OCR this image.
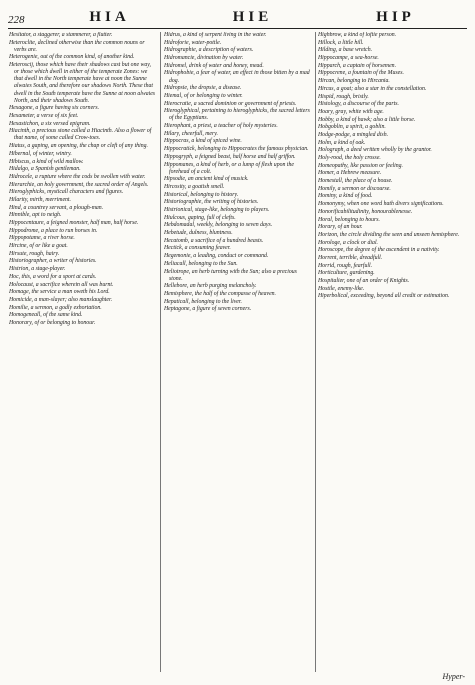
228	HIA	HIE	HIP

Hesitator, a staggerer, a stammerer, a flutter.

Heteroclite, declined otherwise than the common nouns or verbs are.

Heterogenie, out of the common kind, of another kind.

Heteroscij, those which have their shadows cast but one way, or those which dwell in either of the temperate Zones: we that dwell in the North temperate have at noon the Sunne alwaies South, and therefore our shadows North. These that dwell in the South temperate have the Sunne at noon alwaies North, and their shadows South.

Hexagone, a figure having six corners.

Hexameter, a verse of six feet.

Hexastichon, a six versed epigram.

Hiacinth, a precious stone called a Hiacinth. Also a flower of that name, of some called Crow-toes.

Hiatus, a gaping, an opening, the chap or cleft of any thing.

Hibernal, of winter, wintry.

Hibiscus, a kind of wild mallow.

Hidalgo, a Spanish gentleman.

Hidrocele, a rupture where the cods be swollen with water.

Hierarchie, an holy government, the sacred order of Angels.

Hieroglyphicks, mysticall characters and figures.

Hilarity, mirth, merriment.

Hind, a countrey servant, a plough-man.

Hinnible, apt to neigh.

Hippocentaure, a feigned monster, half man, half horse.

Hippodrome, a place to run horses in.

Hippopotame, a river horse.

Hircine, of or like a goat.

Hirsute, rough, hairy.

Historiographer, a writer of histories.

Histrion, a stage-player.

Hoc, this, a word for a sport at cards.

Holocaust, a sacrifice wherein all was burnt.

Homage, the service a man oweth his Lord.

Homicide, a man-slayer; also manslaughter.

Homilie, a sermon, a godly exhortation.

Homogeneall, of the same kind.

Honorary, of or belonging to honour.

Hidrus, a kind of serpent living in the water.

Hidroforie, water-pottle.

Hidrographie, a description of waters.

Hidromancie, divination by water.

Hidromel, drink of water and honey, mead.

Hidrophobie, a fear of water, an effect in those bitten by a mad dog.

Hidropsie, the dropsie, a disease.

Hiemal, of or belonging to winter.

Hierocratie, a sacred dominion or government of priests.

Hieroglyphical, pertaining to hieroglyphicks, the sacred letters of the Egyptians.

Hierophant, a priest, a teacher of holy mysteries.

Hilary, cheerfull, mery.

Hippocras, a kind of spiced wine.

Hippocratick, belonging to Hippocrates the famous physician.

Hippogryph, a feigned beast, half horse and half griffon.

Hippomanes, a kind of herb, or a lump of flesh upon the forehead of a colt.

Hipsodie, an ancient kind of musick.

Hircosity, a goatish smell.

Historical, belonging to history.

Historiographie, the writing of histories.

Histrionical, stage-like, belonging to players.

Hiulcous, gaping, full of clefts.

Hebdomadal, weekly, belonging to seven days.

Hebetude, dulness, bluntness.

Hecatomb, a sacrifice of a hundred beasts.

Hectick, a consuming feaver.

Hegemonie, a leading, conduct or command.

Heliacall, belonging to the Sun.

Heliotrope, an herb turning with the Sun; also a precious stone.

Hellebore, an herb purging melancholy.

Hemisphere, the half of the compasse of heaven.

Hepaticall, belonging to the liver.

Heptagone, a figure of seven corners.

Highbrow, a kind of loftie person.

Hillock, a little hill.

Hilding, a base wretch.

Hippocampe, a sea-horse.

Hipparch, a captain of horsemen.

Hippocrene, a fountain of the Muses.

Hircan, belonging to Hircania.

Hircus, a goat; also a star in the constellation.

Hispid, rough, bristly.

Histology, a discourse of the parts.

Hoary, gray, white with age.

Hobby, a kind of hawk; also a little horse.

Hobgoblin, a spirit, a goblin.

Hodge-podge, a mingled dish.

Holm, a kind of oak.

Holograph, a deed written wholly by the grantor.

Holy-rood, the holy crosse.

Homeopathy, like passion or feeling.

Homer, a Hebrew measure.

Homestall, the place of a house.

Homily, a sermon or discourse.

Hominy, a kind of food.

Homonymy, when one word hath divers significations.

Honorificabilitudinity, honourablenesse.

Horal, belonging to hours.

Horary, of an hour.

Horizon, the circle dividing the seen and unseen hemisphere.

Horologe, a clock or dial.

Horoscope, the degree of the ascendent in a nativity.

Horrent, terrible, dreadfull.

Horrid, rough, fearfull.

Horticulture, gardening.

Hospitalier, one of an order of Knights.

Hostile, enemy-like.

Hiperbolical, exceeding, beyond all credit or estimation.

Hyper-
